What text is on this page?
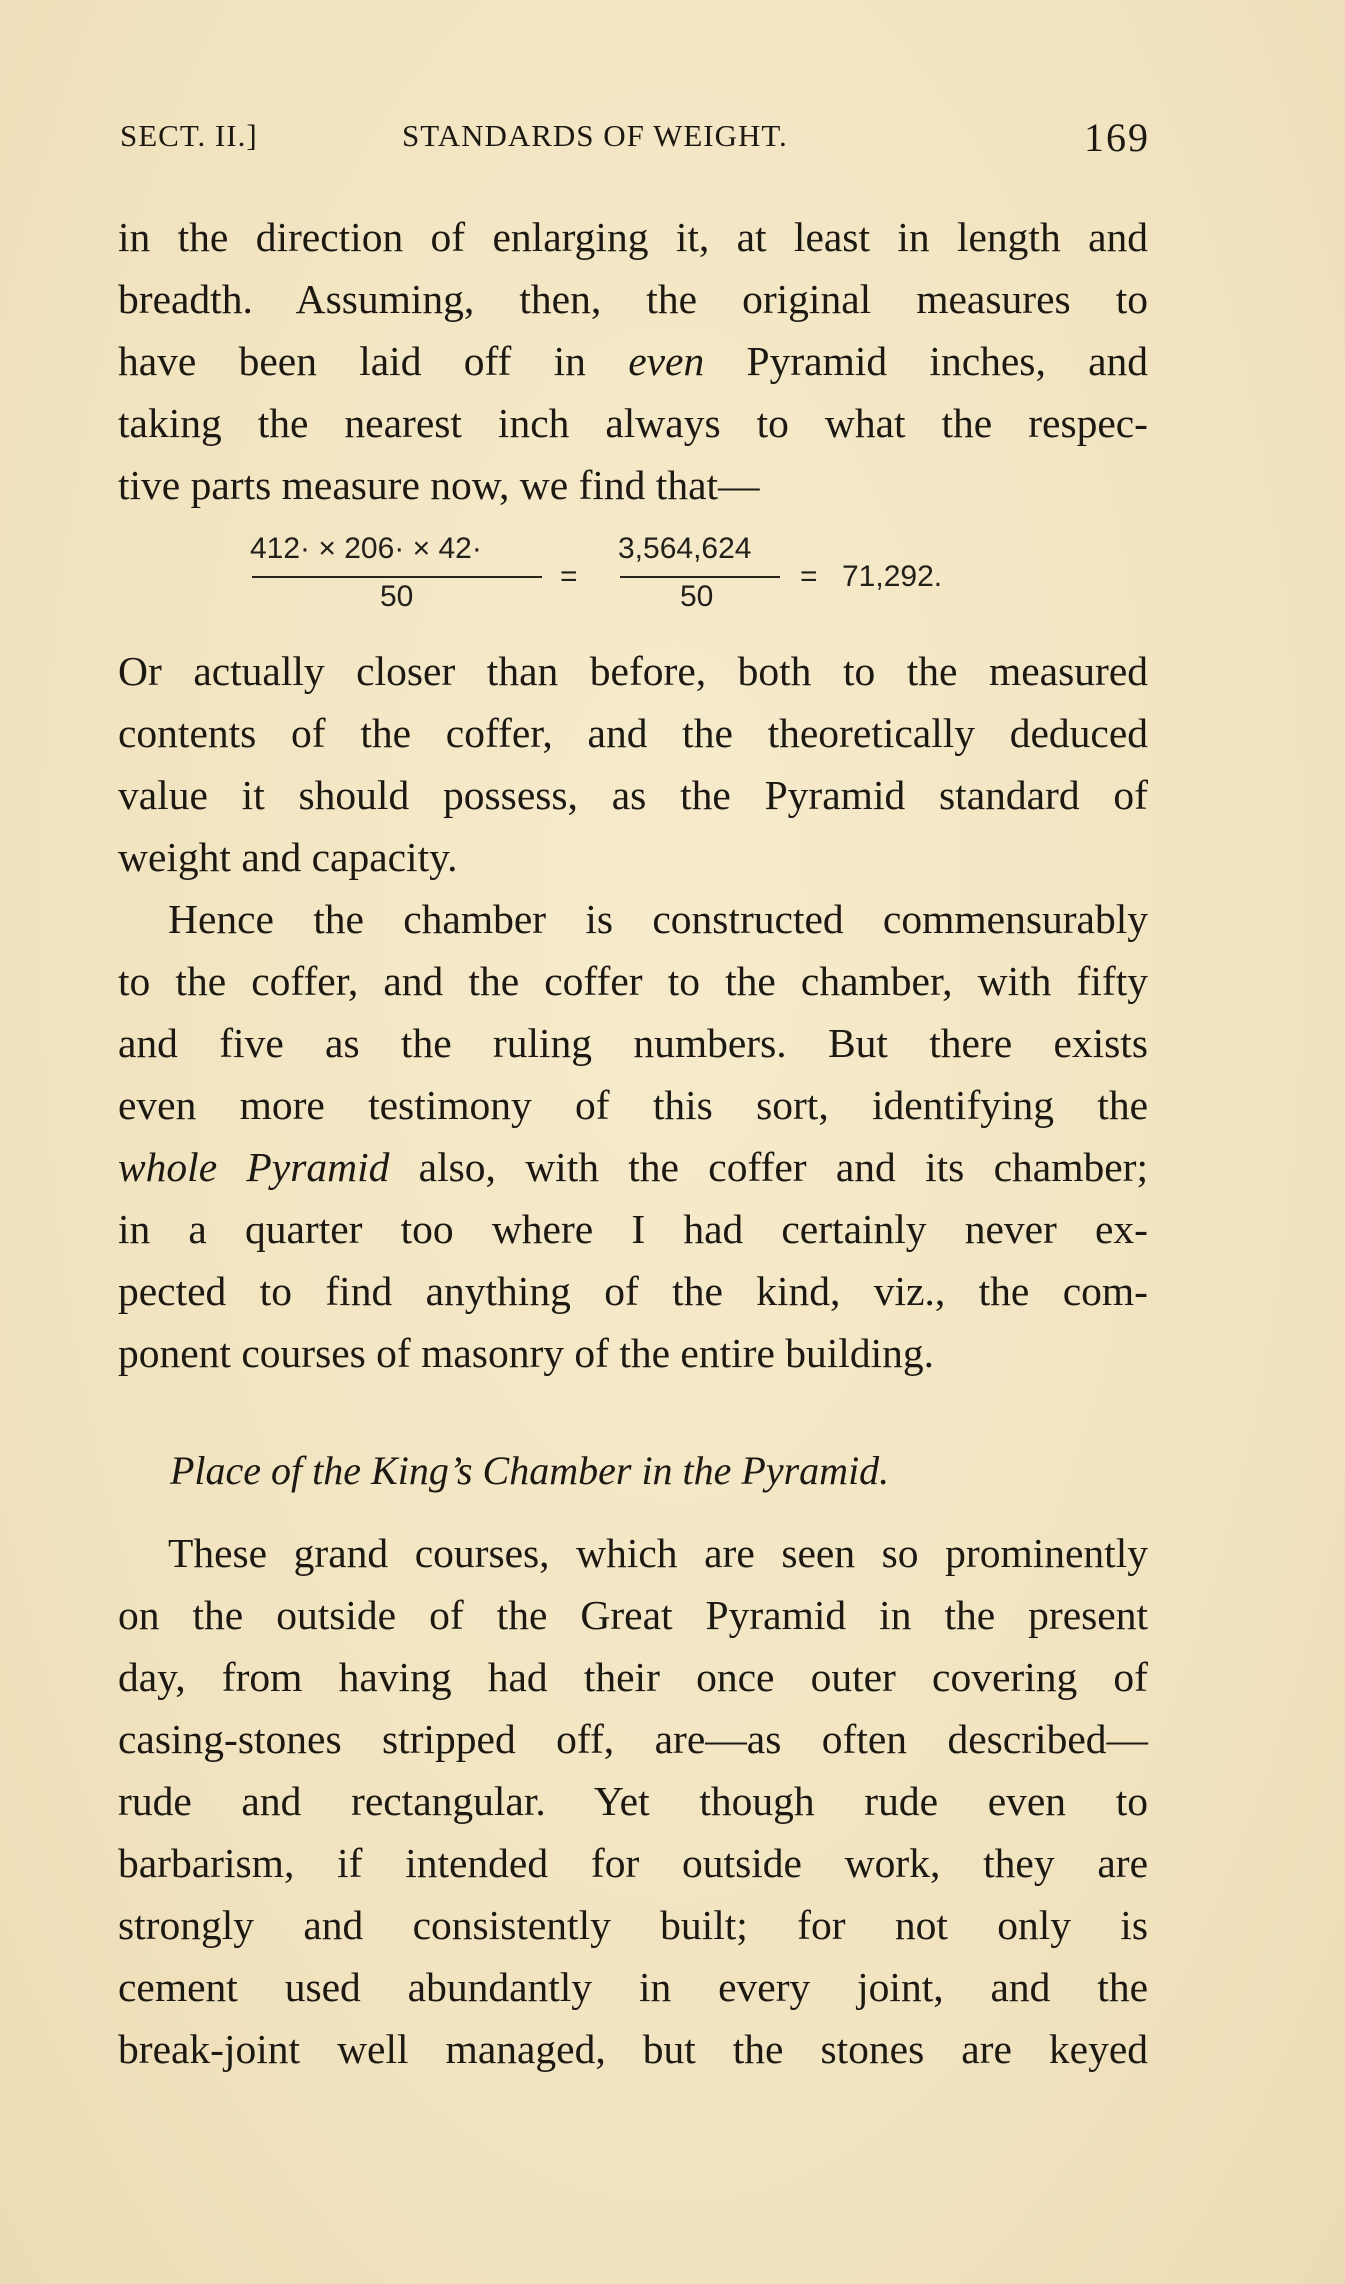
SECT. II.]	STANDARDS OF WEIGHT.	169
in the direction of enlarging it, at least in length and
breadth. Assuming, then, the original measures to
have been laid off in even Pyramid inches, and
taking the nearest inch always to what the respec-
tive parts measure now, we find that—
412· × 206· × 42·
50
=
3,564,624
50
= 71,292.
Or actually closer than before, both to the measured
contents of the coffer, and the theoretically deduced
value it should possess, as the Pyramid standard of
weight and capacity.
Hence the chamber is constructed commensurably
to the coffer, and the coffer to the chamber, with fifty
and five as the ruling numbers. But there exists
even more testimony of this sort, identifying the
whole Pyramid also, with the coffer and its chamber;
in a quarter too where I had certainly never ex-
pected to find anything of the kind, viz., the com-
ponent courses of masonry of the entire building.
Place of the King’s Chamber in the Pyramid.
These grand courses, which are seen so prominently
on the outside of the Great Pyramid in the present
day, from having had their once outer covering of
casing-stones stripped off, are—as often described—
rude and rectangular. Yet though rude even to
barbarism, if intended for outside work, they are
strongly and consistently built; for not only is
cement used abundantly in every joint, and the
break-joint well managed, but the stones are keyed
